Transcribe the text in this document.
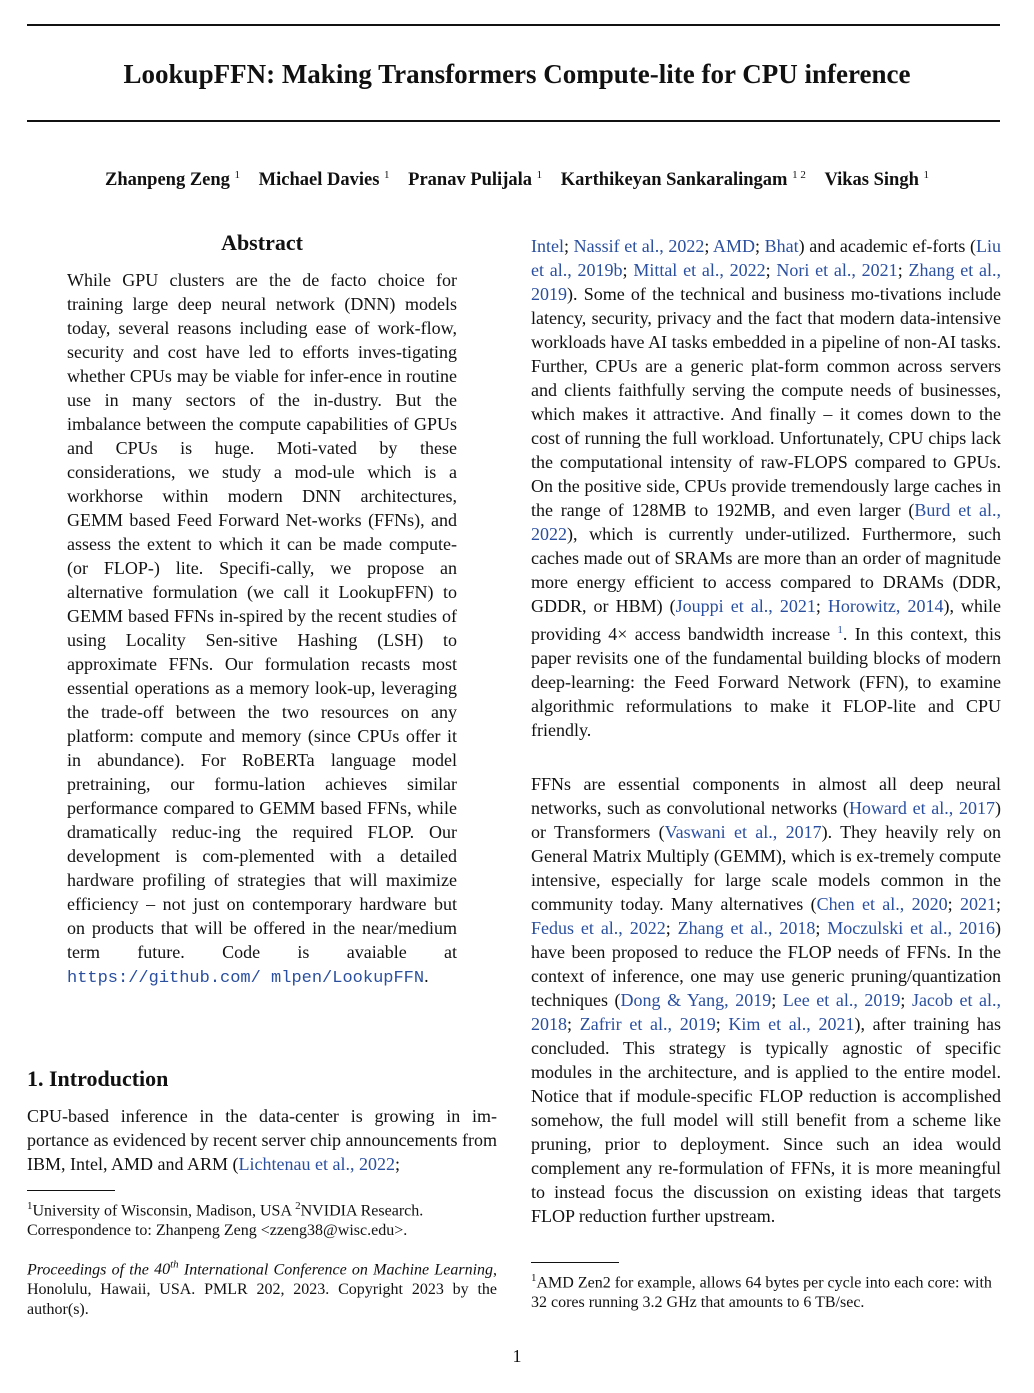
LookupFFN: Making Transformers Compute-lite for CPU inference
Zhanpeng Zeng $^1$ Michael Davies $^1$ Pranav Pulijala $^1$ Karthikeyan Sankaralingam $^{1 2}$ Vikas Singh $^1$
Abstract
While GPU clusters are the de facto choice for training large deep neural network (DNN) models today, several reasons including ease of work-flow, security and cost have led to efforts inves-tigating whether CPUs may be viable for infer-ence in routine use in many sectors of the in-dustry. But the imbalance between the compute capabilities of GPUs and CPUs is huge. Moti-vated by these considerations, we study a mod-ule which is a workhorse within modern DNN architectures, GEMM based Feed Forward Net-works (FFNs), and assess the extent to which it can be made compute- (or FLOP-) lite. Specifi-cally, we propose an alternative formulation (we call it LookupFFN) to GEMM based FFNs in-spired by the recent studies of using Locality Sen-sitive Hashing (LSH) to approximate FFNs. Our formulation recasts most essential operations as a memory look-up, leveraging the trade-off between the two resources on any platform: compute and memory (since CPUs offer it in abundance). For RoBERTa language model pretraining, our formu-lation achieves similar performance compared to GEMM based FFNs, while dramatically reduc-ing the required FLOP. Our development is com-plemented with a detailed hardware profiling of strategies that will maximize efficiency – not just on contemporary hardware but on products that will be offered in the near/medium term future. Code is avaiable at https://github.com/ mlpen/LookupFFN.
1. Introduction
CPU-based inference in the data-center is growing in im-portance as evidenced by recent server chip announcements from IBM, Intel, AMD and ARM (Lichtenau et al., 2022;
$^1$University of Wisconsin, Madison, USA $^2$NVIDIA Research.
Correspondence to: Zhanpeng Zeng <zzeng38@wisc.edu>.
Proceedings of the 40th International Conference on Machine Learning, Honolulu, Hawaii, USA. PMLR 202, 2023. Copyright 2023 by the author(s).
Intel; Nassif et al., 2022; AMD; Bhat) and academic ef-forts (Liu et al., 2019b; Mittal et al., 2022; Nori et al., 2021; Zhang et al., 2019). Some of the technical and business mo-tivations include latency, security, privacy and the fact that modern data-intensive workloads have AI tasks embedded in a pipeline of non-AI tasks. Further, CPUs are a generic plat-form common across servers and clients faithfully serving the compute needs of businesses, which makes it attractive. And finally – it comes down to the cost of running the full workload. Unfortunately, CPU chips lack the computational intensity of raw-FLOPS compared to GPUs. On the positive side, CPUs provide tremendously large caches in the range of 128MB to 192MB, and even larger (Burd et al., 2022), which is currently under-utilized. Furthermore, such caches made out of SRAMs are more than an order of magnitude more energy efficient to access compared to DRAMs (DDR, GDDR, or HBM) (Jouppi et al., 2021; Horowitz, 2014), while providing 4× access bandwidth increase $^1$. In this context, this paper revisits one of the fundamental building blocks of modern deep-learning: the Feed Forward Network (FFN), to examine algorithmic reformulations to make it FLOP-lite and CPU friendly.
FFNs are essential components in almost all deep neural networks, such as convolutional networks (Howard et al., 2017) or Transformers (Vaswani et al., 2017). They heavily rely on General Matrix Multiply (GEMM), which is ex-tremely compute intensive, especially for large scale models common in the community today. Many alternatives (Chen et al., 2020; 2021; Fedus et al., 2022; Zhang et al., 2018; Moczulski et al., 2016) have been proposed to reduce the FLOP needs of FFNs. In the context of inference, one may use generic pruning/quantization techniques (Dong & Yang, 2019; Lee et al., 2019; Jacob et al., 2018; Zafrir et al., 2019; Kim et al., 2021), after training has concluded. This strategy is typically agnostic of specific modules in the architecture, and is applied to the entire model. Notice that if module-specific FLOP reduction is accomplished somehow, the full model will still benefit from a scheme like pruning, prior to deployment. Since such an idea would complement any re-formulation of FFNs, it is more meaningful to instead focus the discussion on existing ideas that targets FLOP reduction further upstream.
$^1$AMD Zen2 for example, allows 64 bytes per cycle into each core: with 32 cores running 3.2 GHz that amounts to 6 TB/sec.
1
